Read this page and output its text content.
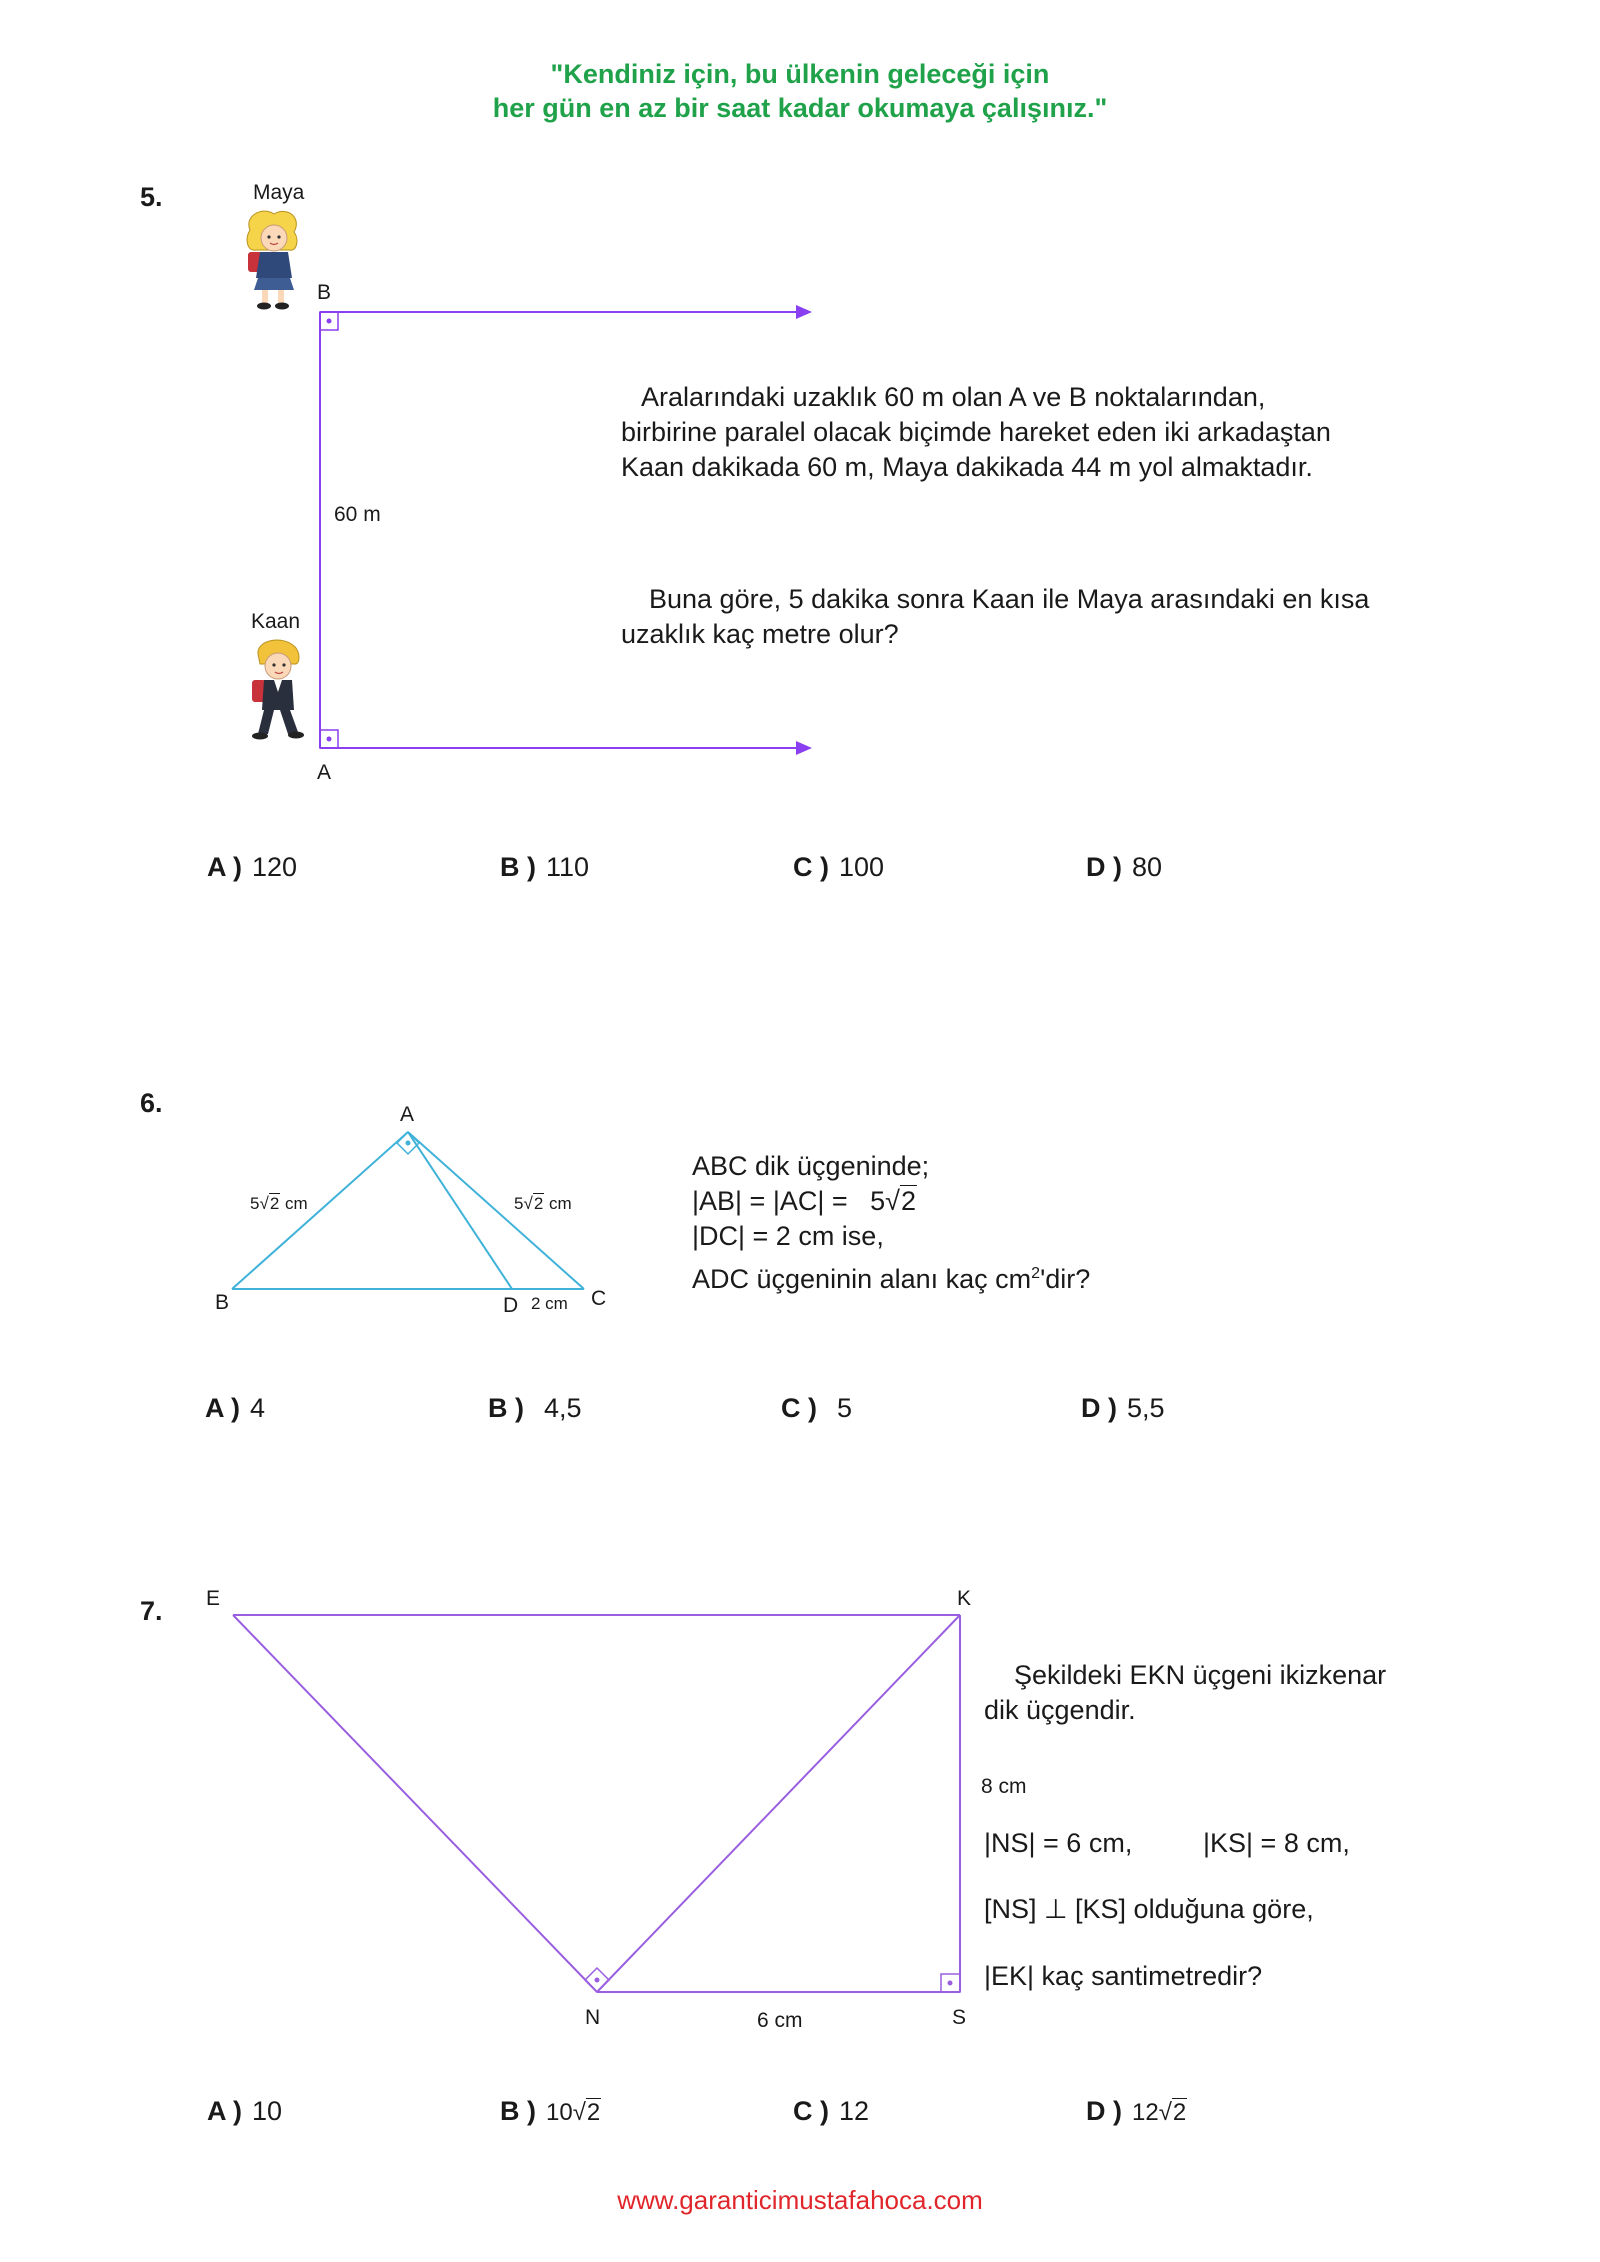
"Kendiniz için, bu ülkenin geleceği için
her gün en az bir saat kadar okumaya çalışınız."
5.	Maya
Kaan
B
A
60 m
Aralarındaki uzaklık 60 m olan A ve B noktalarından,
birbirine paralel olacak biçimde hareket eden iki arkadaştan
Kaan dakikada 60 m, Maya dakikada 44 m yol almaktadır.
Buna göre, 5 dakika sonra Kaan ile Maya arasındaki en kısa
uzaklık kaç metre olur?
A ) 120	B ) 110	C ) 100	D ) 80
6.	A
B	C
D
5√2 cm	5√2 cm
2 cm
ABC dik üçgeninde;
|AB| = |AC| = 5√2
|DC| = 2 cm ise,
ADC üçgeninin alanı kaç $cm^2'dir$?
A ) 4	B ) 4,5	C ) 5	D ) 5,5
7. E	K
N	S
8 cm
6 cm
Şekildeki EKN üçgeni ikizkenar
dik üçgendir.
|NS| = 6 cm,	|KS| = 8 cm,
[NS] ⊥ [KS] olduğuna göre,
|EK| kaç santimetredir?
A ) 10	B ) 10√2	C ) 12	D ) 12√2
www.garanticimustafahoca.com
